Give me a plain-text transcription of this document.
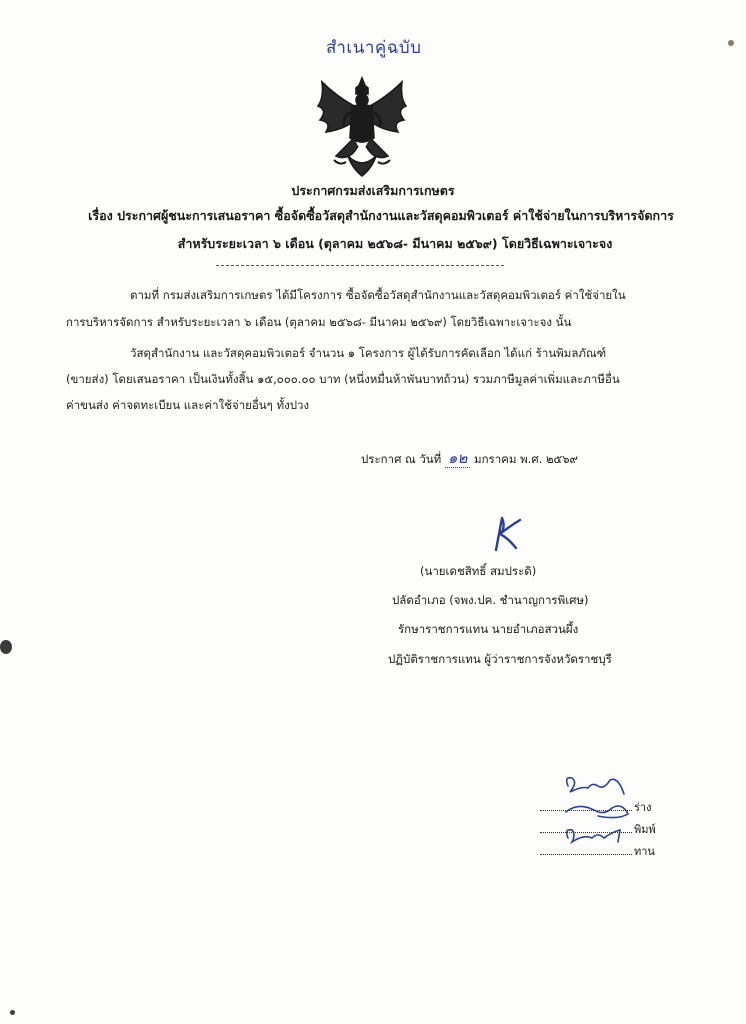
สำเนาคู่ฉบับ
ประกาศกรมส่งเสริมการเกษตร
เรื่อง ประกาศผู้ชนะการเสนอราคา ซื้อจัดซื้อวัสดุสำนักงานและวัสดุคอมพิวเตอร์ ค่าใช้จ่ายในการบริหารจัดการ
สำหรับระยะเวลา ๖ เดือน (ตุลาคม ๒๕๖๘- มีนาคม ๒๕๖๙) โดยวิธีเฉพาะเจาะจง
ตามที่ กรมส่งเสริมการเกษตร ได้มีโครงการ ซื้อจัดซื้อวัสดุสำนักงานและวัสดุคอมพิวเตอร์ ค่าใช้จ่ายใน
การบริหารจัดการ สำหรับระยะเวลา ๖ เดือน (ตุลาคม ๒๕๖๘- มีนาคม ๒๕๖๙) โดยวิธีเฉพาะเจาะจง นั้น
วัสดุสำนักงาน และวัสดุคอมพิวเตอร์ จำนวน ๑ โครงการ ผู้ได้รับการคัดเลือก ได้แก่ ร้านพิมลภัณฑ์
(ขายส่ง) โดยเสนอราคา เป็นเงินทั้งสิ้น ๑๕,๐๐๐.๐๐ บาท (หนึ่งหมื่นห้าพันบาทถ้วน) รวมภาษีมูลค่าเพิ่มและภาษีอื่น
ค่าขนส่ง ค่าจดทะเบียน และค่าใช้จ่ายอื่นๆ ทั้งปวง
ประกาศ ณ วันที่ ๑๒ มกราคม พ.ศ. ๒๕๖๙
(นายเดชสิทธิ์ สมประดิ)
ปลัดอำเภอ (จพง.ปค. ชำนาญการพิเศษ)
รักษาราชการแทน นายอำเภอสวนผึ้ง
ปฏิบัติราชการแทน ผู้ว่าราชการจังหวัดราชบุรี
ร่าง
พิมพ์
ทาน
